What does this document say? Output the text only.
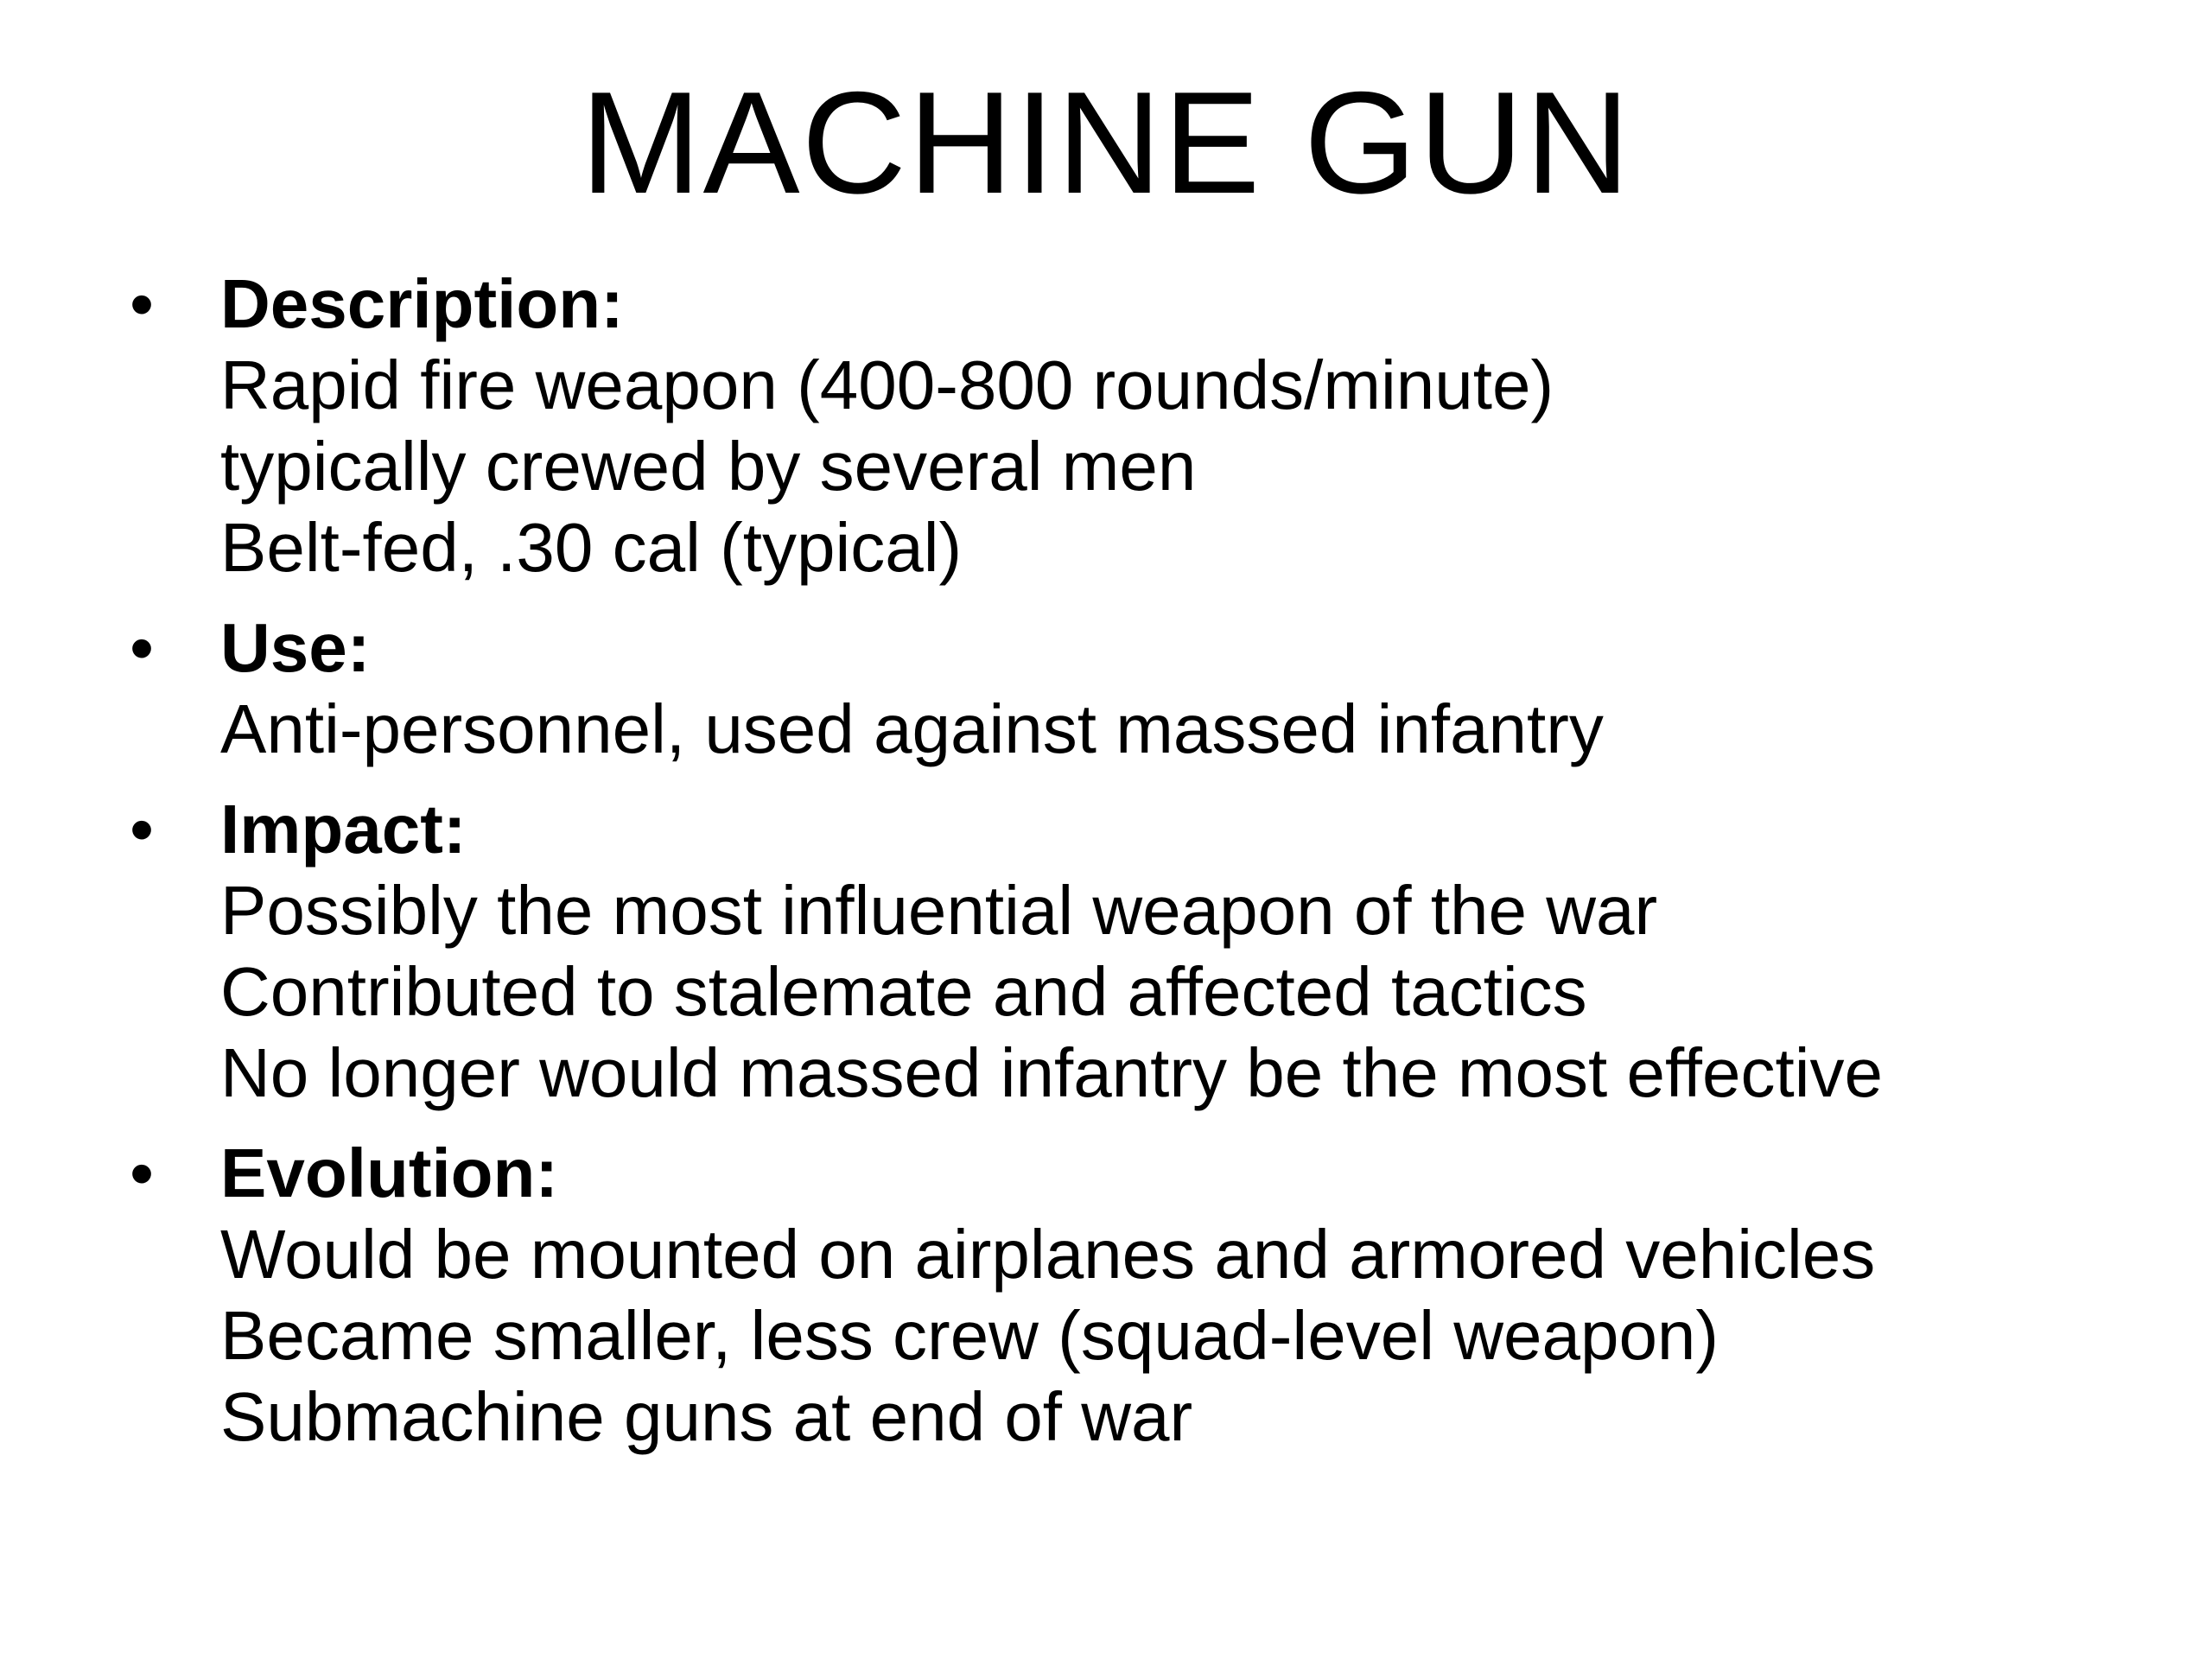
MACHINE GUN
• Description:
Rapid fire weapon (400-800 rounds/minute)
typically crewed by several men
Belt-fed, .30 cal (typical)
• Use:
Anti-personnel, used against massed infantry
• Impact:
Possibly the most influential weapon of the war
Contributed to stalemate and affected tactics
No longer would massed infantry be the most effective
• Evolution:
Would be mounted on airplanes and armored vehicles
Became smaller, less crew (squad-level weapon)
Submachine guns at end of war
